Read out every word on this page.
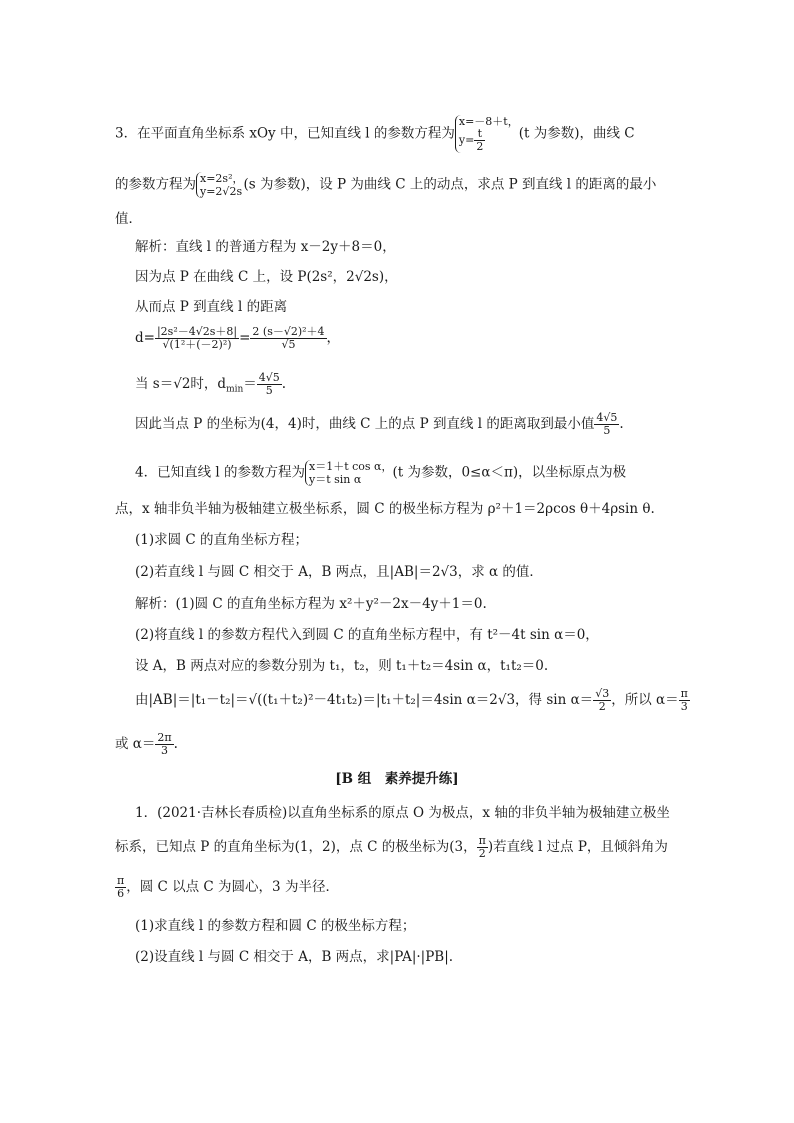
3．在平面直角坐标系 xOy 中，已知直线 l 的参数方程为x=－8＋t，
$y= \frac{t}{2} (t$ 为参数)，曲线 C
的参数方程为 x=2s²，
y=2√2s(s 为参数)，设 P 为曲线 C 上的动点，求点 P 到直线 l 的距离的最小
值．
解析：直线 l 的普通方程为 x－2y＋8＝0，
因为点 P 在曲线 C 上，设 P(2s²，2√2s)，
从而点 P 到直线 l 的距离
$d= \frac{\text{|2s²－4√2s＋8|}}{\text{√(1²＋(－2)²)}} = \frac{\text{2 (s－√2)²＋4}}{√5}$ ，
当 s＝√2时，$d_{min}= \frac{4√5}{5}$ .
因此当点 P 的坐标为(4，4)时，曲线 C 上的点 P 到直线 l 的距离取到最小值 $\frac{4√5}{5}$ .
4．已知直线 l 的参数方程为 x＝1＋t cos α，
y＝t sin α (t 为参数，0≤α＜π)，以坐标原点为极
点，x 轴非负半轴为极轴建立极坐标系，圆 C 的极坐标方程为 ρ²＋1＝2ρcos θ＋4ρsin θ.
(1)求圆 C 的直角坐标方程；
(2)若直线 l 与圆 C 相交于 A，B 两点，且|AB|＝2√3，求 α 的值．
解析：(1)圆 C 的直角坐标方程为 x²＋y²－2x－4y＋1＝0.
(2)将直线 l 的参数方程代入到圆 C 的直角坐标方程中，有 t²－4t sin α＝0，
设 A，B 两点对应的参数分别为 t₁，t₂，则 t₁＋t₂＝4sin α，t₁t₂＝0.
由|AB|＝|t₁－t₂|＝√((t₁＋t₂)²－4t₁t₂)＝|t₁＋t₂|＝4sin α＝2√3，得 $\sin \alpha= \frac{√3}{2}$ ，所以 $\alpha= \frac{\pi}{3}$
或 $\alpha= \frac{2\pi}{3}$ .
[B 组　素养提升练]
1．(2021·吉林长春质检)以直角坐标系的原点 O 为极点，x 轴的非负半轴为极轴建立极坐
标系，已知点 P 的直角坐标为(1，2)，点 C 的极坐标为(3， $\frac{\pi}{2}$ )若直线 l 过点 P，且倾斜角为
$\frac{\pi}{6}$ ，圆 C 以点 C 为圆心，3 为半径．
(1)求直线 l 的参数方程和圆 C 的极坐标方程；
(2)设直线 l 与圆 C 相交于 A，B 两点，求|PA|·|PB|.
